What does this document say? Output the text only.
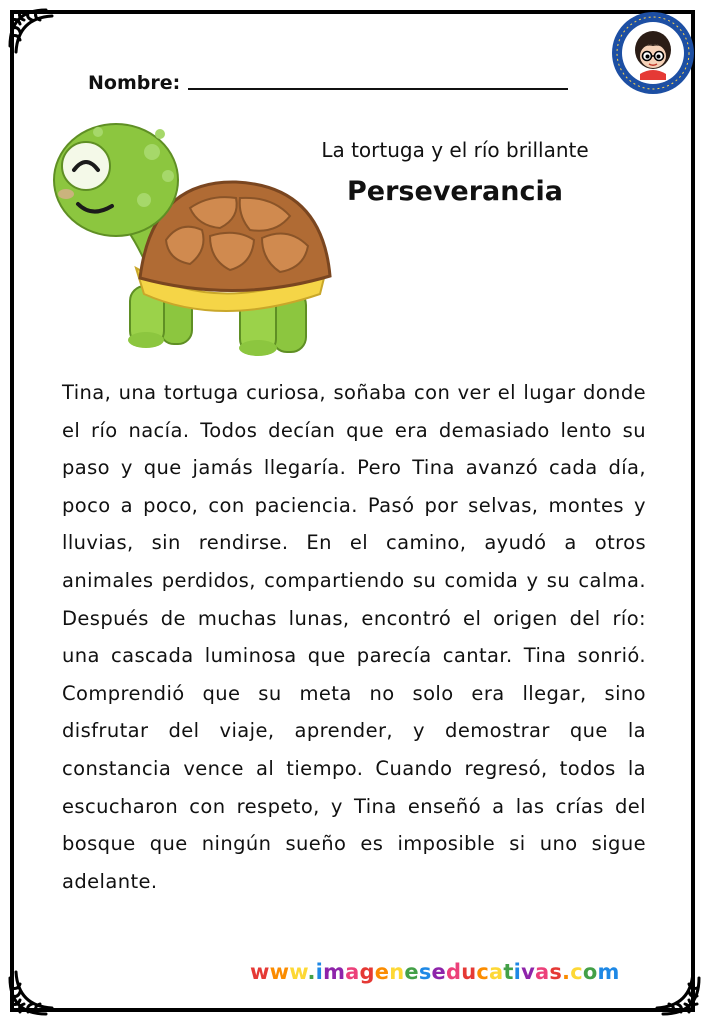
Nombre:
La tortuga y el río brillante
Perseverancia

Tina, una tortuga curiosa, soñaba con ver el lugar donde el río nacía. Todos decían que era demasiado lento su paso y que jamás llegaría. Pero Tina avanzó cada día, poco a poco, con paciencia. Pasó por selvas, montes y lluvias, sin rendirse. En el camino, ayudó a otros animales perdidos, compartiendo su comida y su calma. Después de muchas lunas, encontró el origen del río: una cascada luminosa que parecía cantar. Tina sonrió. Comprendió que su meta no solo era llegar, sino disfrutar del viaje, aprender, y demostrar que la constancia vence al tiempo. Cuando regresó, todos la escucharon con respeto, y Tina enseñó a las crías del bosque que ningún sueño es imposible si uno sigue adelante.

www.imageneseducativas.com
